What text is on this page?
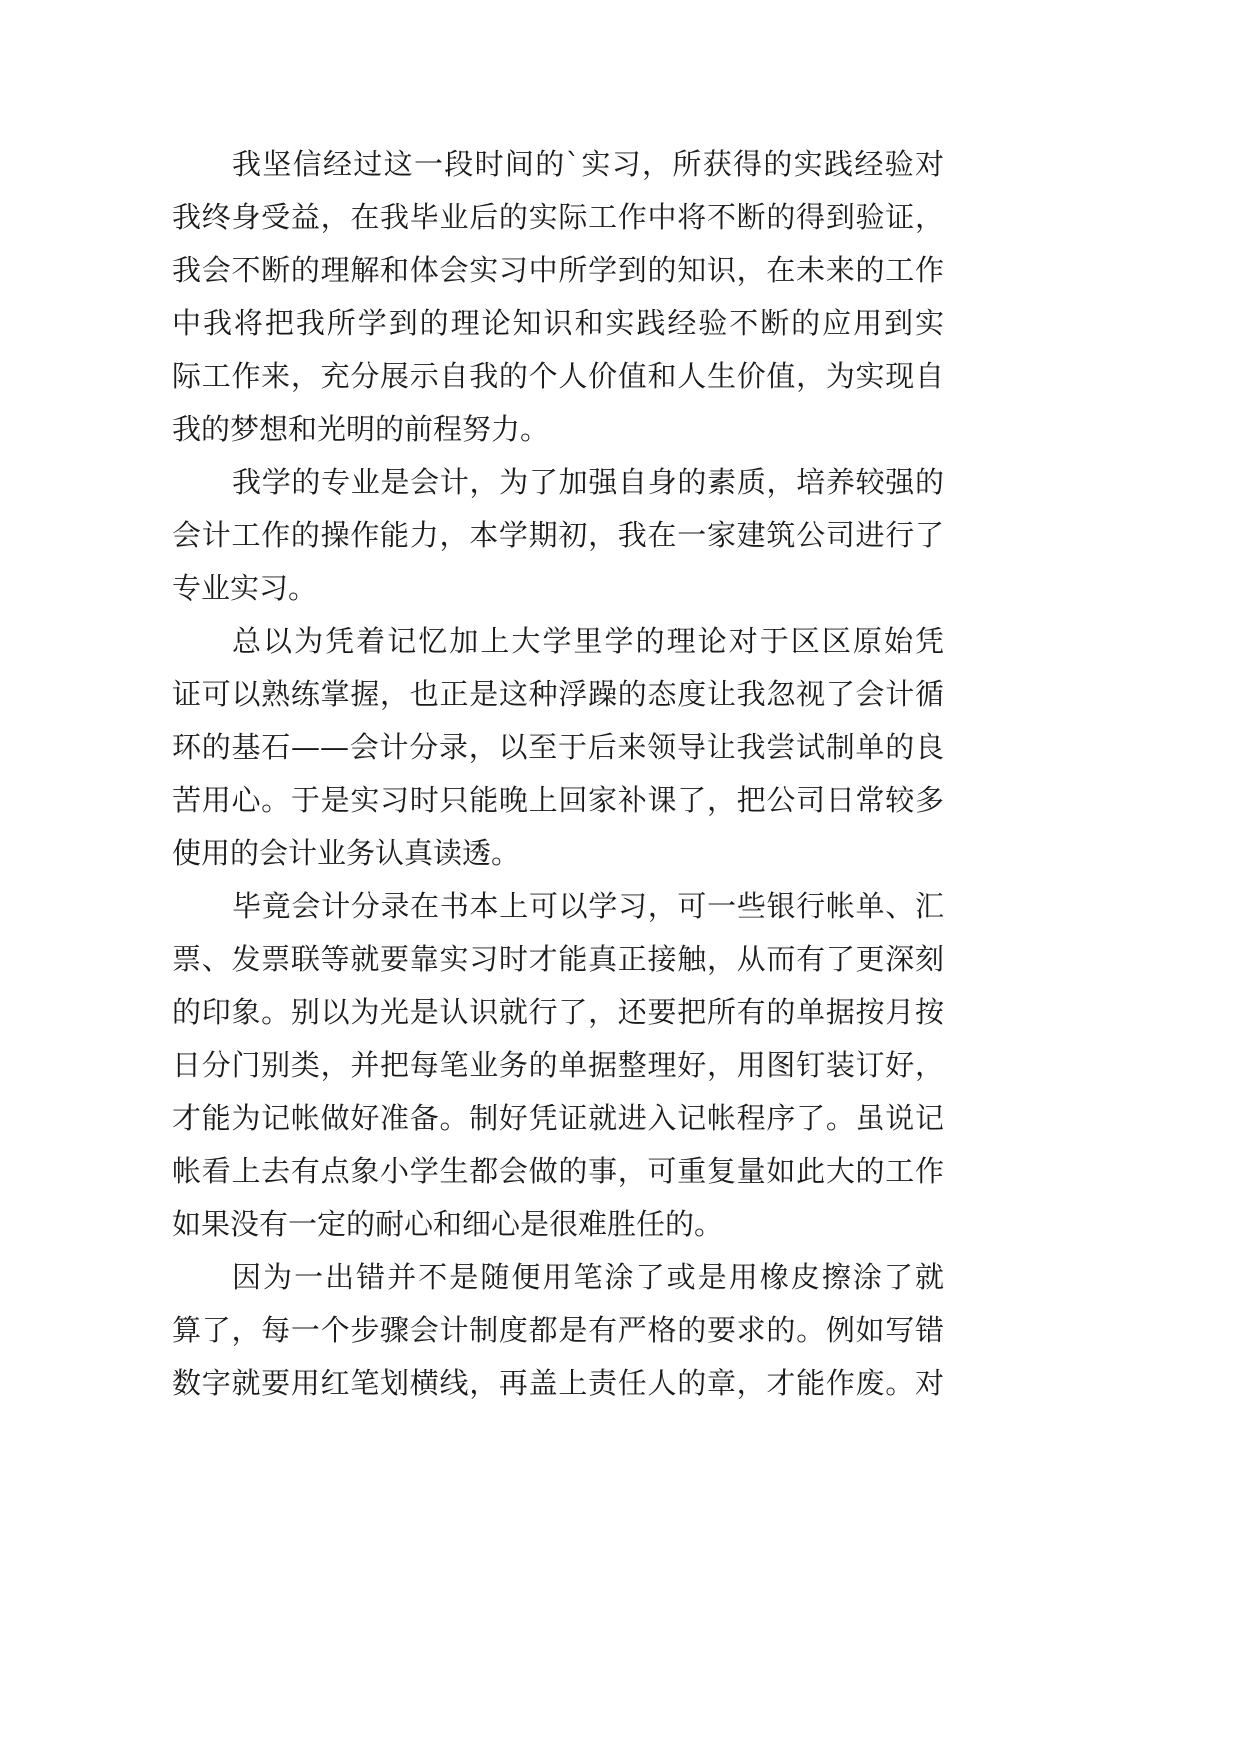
我坚信经过这一段时间的`实习，所获得的实践经验对
我终身受益，在我毕业后的实际工作中将不断的得到验证，
我会不断的理解和体会实习中所学到的知识，在未来的工作
中我将把我所学到的理论知识和实践经验不断的应用到实
际工作来，充分展示自我的个人价值和人生价值，为实现自
我的梦想和光明的前程努力。
我学的专业是会计，为了加强自身的素质，培养较强的
会计工作的操作能力，本学期初，我在一家建筑公司进行了
专业实习。
总以为凭着记忆加上大学里学的理论对于区区原始凭
证可以熟练掌握，也正是这种浮躁的态度让我忽视了会计循
环的基石——会计分录，以至于后来领导让我尝试制单的良
苦用心。于是实习时只能晚上回家补课了，把公司日常较多
使用的会计业务认真读透。
毕竟会计分录在书本上可以学习，可一些银行帐单、汇
票、发票联等就要靠实习时才能真正接触，从而有了更深刻
的印象。别以为光是认识就行了，还要把所有的单据按月按
日分门别类，并把每笔业务的单据整理好，用图钉装订好，
才能为记帐做好准备。制好凭证就进入记帐程序了。虽说记
帐看上去有点象小学生都会做的事，可重复量如此大的工作
如果没有一定的耐心和细心是很难胜任的。
因为一出错并不是随便用笔涂了或是用橡皮擦涂了就
算了，每一个步骤会计制度都是有严格的要求的。例如写错
数字就要用红笔划横线，再盖上责任人的章，才能作废。对
